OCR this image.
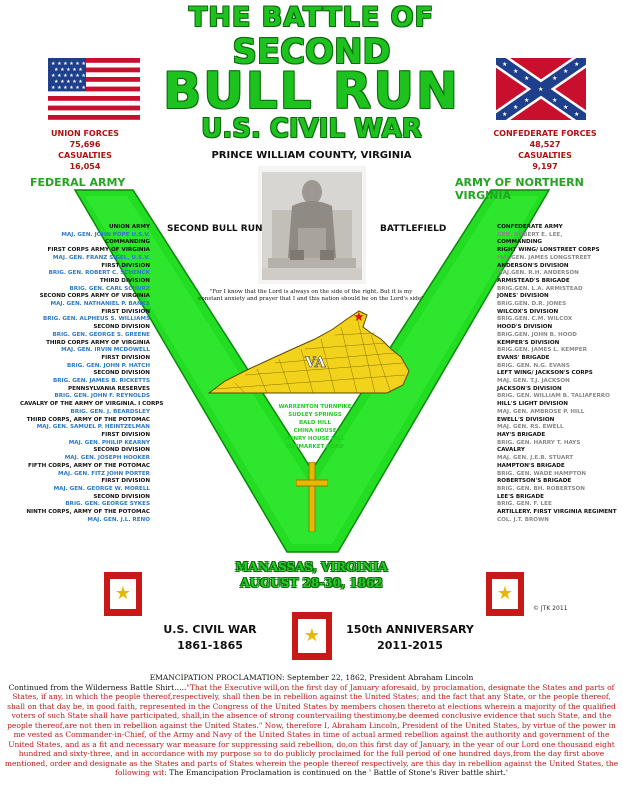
THE BATTLE OF
SECOND
BULL RUN
U.S. CIVIL WAR
★ ★ ★ ★ ★ ★
★ ★ ★ ★ ★
★ ★ ★ ★ ★ ★
★ ★ ★ ★ ★
★ ★ ★ ★ ★ ★
★
★
★
★
★
★
★
★
★
★
★
★
★
UNION FORCES
75,696
CASUALTIES
16,054
CONFEDERATE FORCES
48,527
CASUALTIES
9,197
PRINCE WILLIAM COUNTY, VIRGINIA
FEDERAL ARMY	ARMY OF NORTHERN VIRGINIA
SECOND BULL RUN	BATTLEFIELD
"For I know that the Lord is always on the side of the right. But it is my constant anxiety and prayer that I and this nation should be on the Lord's side"
VA
★
WARRENTON TURNPIKE
SUDLEY SPRINGS
BALD HILL
CHINA HOUSE
HENRY HOUSE HILL
HAYMARKET ROAD
UNION ARMY
MAJ. GEN. JOHN POPE U.S.V.
COMMANDING
FIRST CORPS ARMY OF VIRGINIA
MAJ. GEN. FRANZ SIGEL, U.S.V.
FIRST DIVISION
BRIG. GEN. ROBERT C. SCHENCK
THIRD DIVISION
BRIG. GEN. CARL SCHURZ
SECOND CORPS ARMY OF VIRGINIA
MAJ. GEN. NATHANIEL P. BANKS
FIRST DIVISION
BRIG. GEN. ALPHEUS S. WILLIAMS
SECOND DIVISION
BRIG. GEN. GEORGE S. GREENE
THIRD CORPS ARMY OF VIRGINIA
MAJ. GEN. IRVIN MCDOWELL
FIRST DIVISION
BRIG. GEN. JOHN P. HATCH
SECOND DIVISION
BRIG. GEN. JAMES B. RICKETTS
PENNSYLVANIA RESERVES
BRIG. GEN. JOHN F. REYNOLDS
CAVALRY OF THE ARMY OF VIRGINIA. I CORPS
BRIG. GEN. J. BEARDSLEY
THIRD CORPS, ARMY OF THE POTOMAC
MAJ. GEN. SAMUEL P. HEINTZELMAN
FIRST DIVISION
MAJ. GEN. PHILIP KEARNY
SECOND DIVISION
MAJ. GEN. JOSEPH HOOKER
FIFTH CORPS, ARMY OF THE POTOMAC
MAJ. GEN. FITZ JOHN PORTER
FIRST DIVISION
MAJ. GEN. GEORGE W. MORELL
SECOND DIVISION
BRIG. GEN. GEORGE SYKES
NINTH CORPS, ARMY OF THE POTOMAC
MAJ. GEN. J.L. RENO
CONFEDERATE ARMY
GEN. ROBERT E. LEE,
COMMANDING
RIGHT WING/ LONSTREET CORPS
MAJ.GEN. JAMES LONGSTREET
ANDERSON'S DIVISION
MAJ.GEN. R.H. ANDERSON
ARMISTEAD'S BRIGADE
BRIG.GEN. L.A. ARMISTEAD
JONES' DIVISION
BRIG.GEN. D.R. JONES
WILCOX'S DIVISION
BRIG.GEN. C.M. WILCOX
HOOD'S DIVISION
BRIG.GEN. JOHN B. HOOD
KEMPER'S DIVISION
BRIG.GEN. JAMES L. KEMPER
EVANS' BRIGADE
BRIG. GEN. N.G. EVANS
LEFT WING/ JACKSON'S CORPS
MAJ. GEN. T.J. JACKSON
JACKSON'S DIVISION
BRIG. GEN. WILLIAM B. TALIAFERRO
HILL'S LIGHT DIVISION
MAJ. GEN. AMBROSE P. HILL
EWELL'S DIVISION
MAJ. GEN. RS. EWELL
HAY'S BRIGADE
BRIG. GEN. HARRY T. HAYS
CAVALRY
MAJ. GEN. J.E.B. STUART
HAMPTON'S BRIGADE
BRIG. GEN. WADE HAMPTON
ROBERTSON'S BRIGADE
BRIG. GEN. BH. ROBERTSON
LEE'S BRIGADE
BRIG. GEN. F. LEE
ARTILLERY. FIRST VIRGINIA REGIMENT
COL. J.T. BROWN
MANASSAS, VIRGINIA
AUGUST 28-30, 1862
★	★
★
© JTK 2011
U.S. CIVIL WAR
1861-1865
150th ANNIVERSARY
2011-2015
EMANCIPATION PROCLAMATION: September 22, 1862, President Abraham Lincoln
Continued from the Wilderness Battle Shirt….."That the Executive will,on the first day of January aforesaid, by proclamation, designate the States and parts of States, if any, in which the people thereof,respectively, shall then be in rebellion against the United States; and the fact that any State, or the people thereof, shall on that day be, in good faith, represented in the Congress of the United States by members chosen thereto at elections wherein a majority of the qualified voters of such State shall have participated, shall,in the absence of strong countervailing thestimony,be deemed conclusive evidence that such State, and the people thereof,are not then in rebellion against the United States." Now, therefore I, Abraham Lincoln, President of the United States, by virtue of the power in me vested as Commander-in-Chief, of the Army and Navy of the United States in time of actual armed rebellion against the authority and government of the United States, and as a fit and necessary war measure for suppressing said rebellion, do,on this first day of January, in the year of our Lord one thousand eight hundred and sixty-three, and in accordance with my purpose so to do publicly proclaimed for the full period of one hundred days,from the day first above mentioned, order and designate as the States and parts of States wherein the people thereof respectively, are this day in rebellion against the United States, the following wit: The Emancipation Proclamation is continued on the ' Battle of Stone's River battle shirt.'
